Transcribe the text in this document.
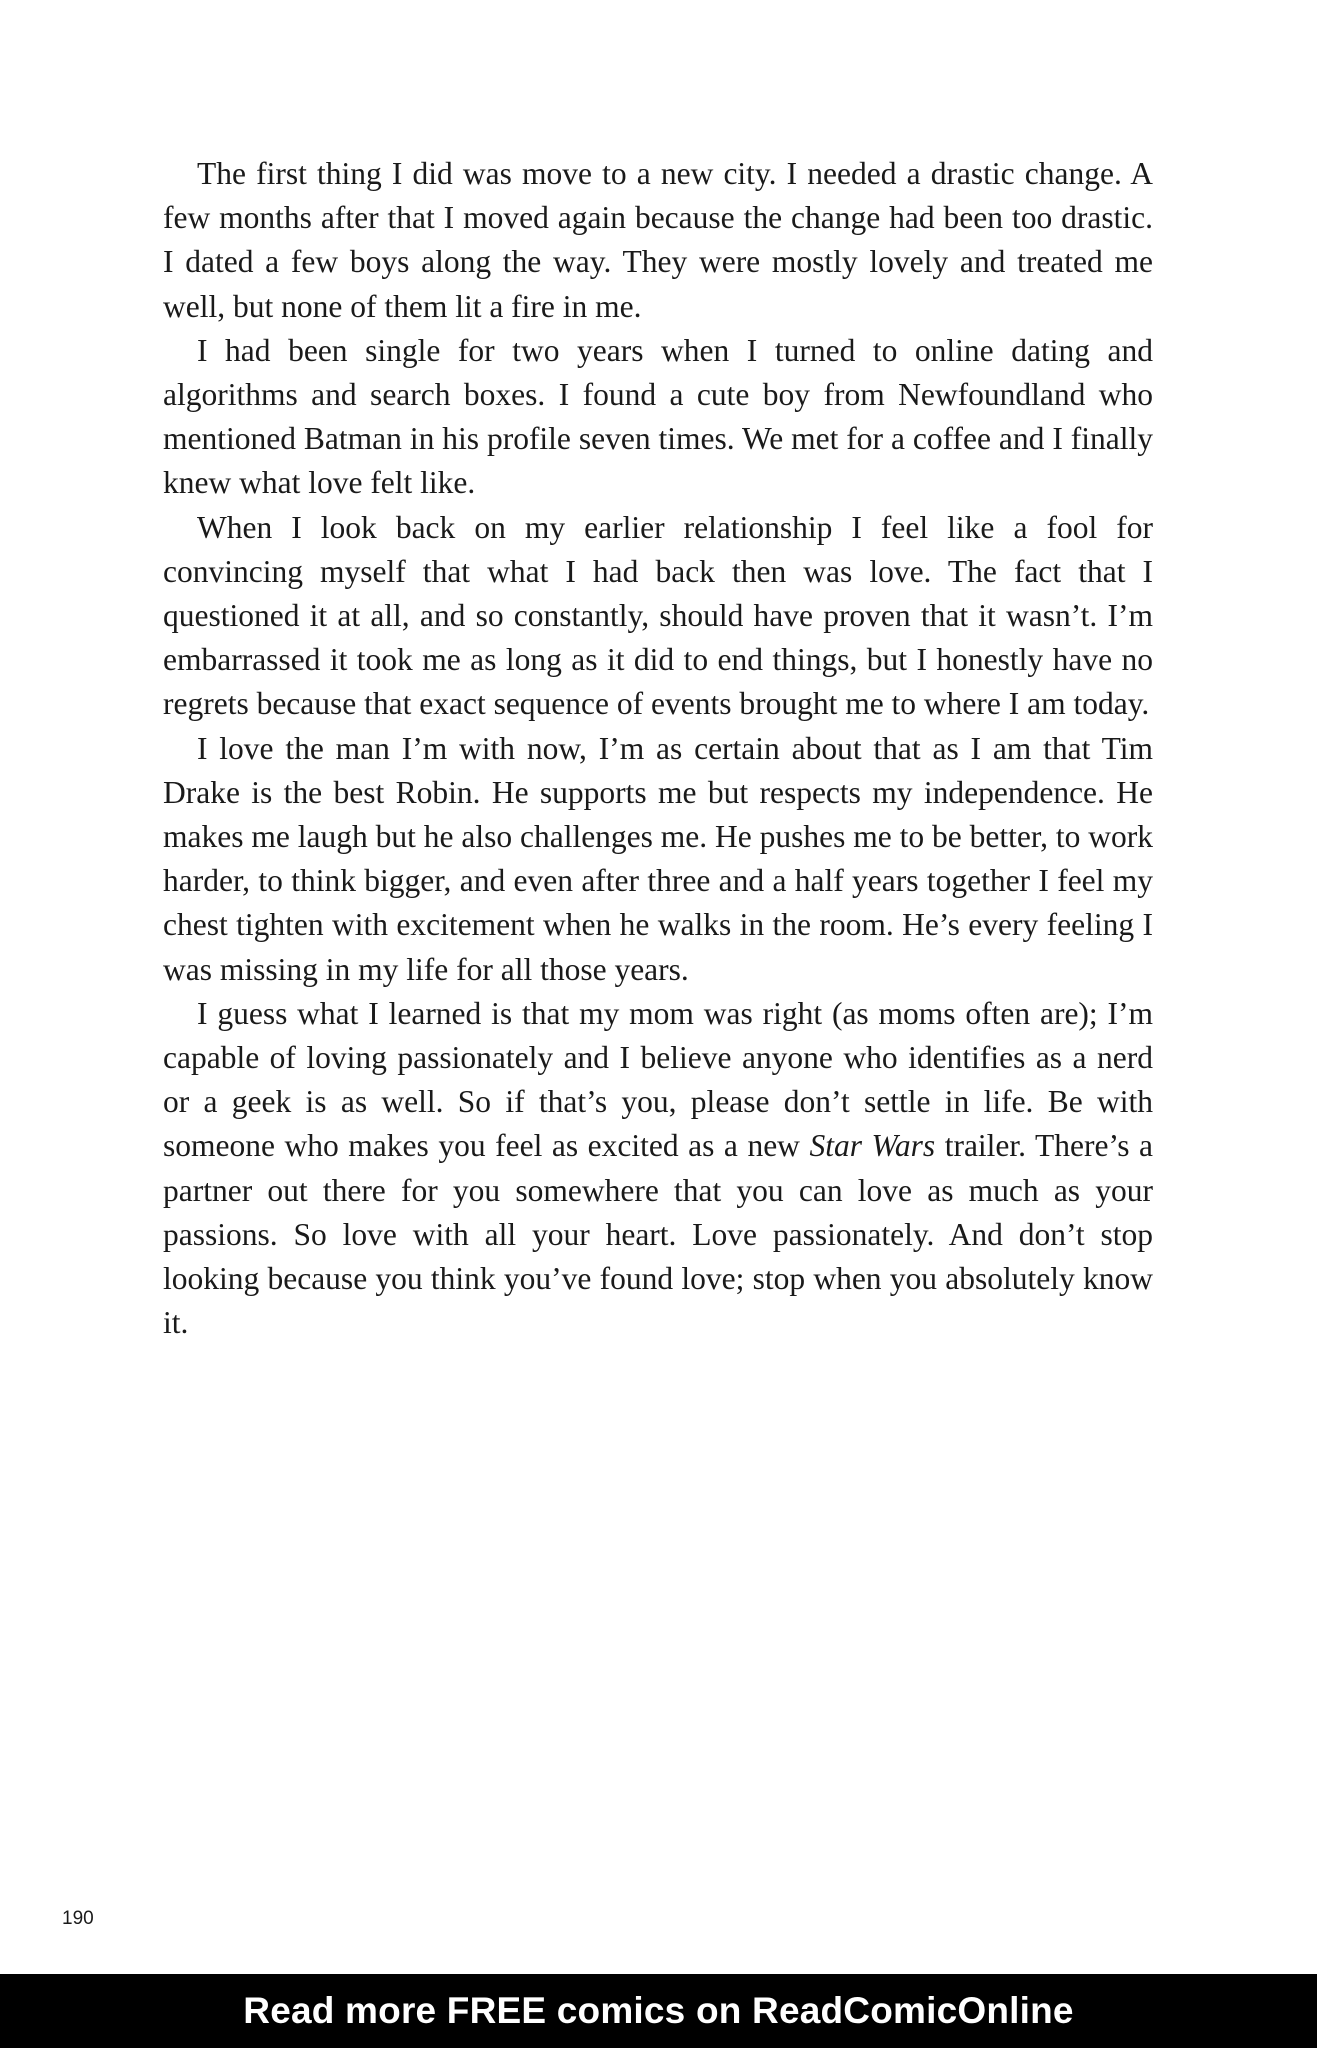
The first thing I did was move to a new city. I needed a drastic change. A few months after that I moved again because the change had been too drastic. I dated a few boys along the way. They were mostly lovely and treated me well, but none of them lit a fire in me.

I had been single for two years when I turned to online dating and algorithms and search boxes. I found a cute boy from Newfoundland who mentioned Batman in his profile seven times. We met for a coffee and I finally knew what love felt like.

When I look back on my earlier relationship I feel like a fool for convincing myself that what I had back then was love. The fact that I questioned it at all, and so constantly, should have proven that it wasn’t. I’m embarrassed it took me as long as it did to end things, but I honestly have no regrets because that exact sequence of events brought me to where I am today.

I love the man I’m with now, I’m as certain about that as I am that Tim Drake is the best Robin. He supports me but respects my independence. He makes me laugh but he also challenges me. He pushes me to be better, to work harder, to think bigger, and even after three and a half years together I feel my chest tighten with excitement when he walks in the room. He’s every feeling I was missing in my life for all those years.

I guess what I learned is that my mom was right (as moms often are); I’m capable of loving passionately and I believe anyone who identifies as a nerd or a geek is as well. So if that’s you, please don’t settle in life. Be with someone who makes you feel as excited as a new Star Wars trailer. There’s a partner out there for you somewhere that you can love as much as your passions. So love with all your heart. Love passionately. And don’t stop looking because you think you’ve found love; stop when you absolutely know it.

190
Read more FREE comics on ReadComicOnline
